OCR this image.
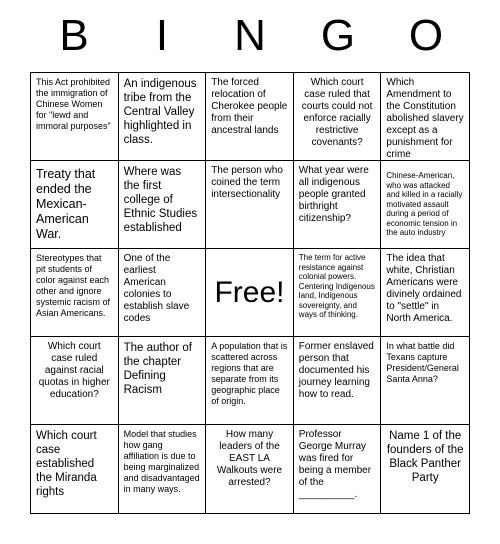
B	I	N	G	O
This Act prohibited the immigration of Chinese Women for "lewd and immoral purposes"
An indigenous tribe from the Central Valley highlighted in class.
The forced relocation of Cherokee people from their ancestral lands
Which court case ruled that courts could not enforce racially restrictive covenants?
Which Amendment to the Constitution abolished slavery except as a punishment for crime
Treaty that ended the Mexican-American War.
Where was the first college of Ethnic Studies established
The person who coined the term intersectionality
What year were all indigenous people granted birthright citizenship?
Chinese-American, who was attacked and killed in a racially motivated assault during a period of economic tension in the auto industry
Stereotypes that pit students of color against each other and ignore systemic racism of Asian Americans.
One of the earliest American colonies to establish slave codes
Free!
The term for active resistance against colonial powers. Centering Indigenous land, Indigenous sovereignty, and ways of thinking.
The idea that white, Christian Americans were divinely ordained to "settle" in North America.
Which court case ruled against racial quotas in higher education?
The author of the chapter Defining Racism
A population that is scattered across regions that are separate from its geographic place of origin.
Former enslaved person that documented his journey learning how to read.
In what battle did Texans capture President/General Santa Anna?
Which court case established the Miranda rights
Model that studies how gang affiliation is due to being marginalized and disadvantaged in many ways.
How many leaders of the EAST LA Walkouts were arrested?
Professor George Murray was fired for being a member of the __________.
Name 1 of the founders of the Black Panther Party
